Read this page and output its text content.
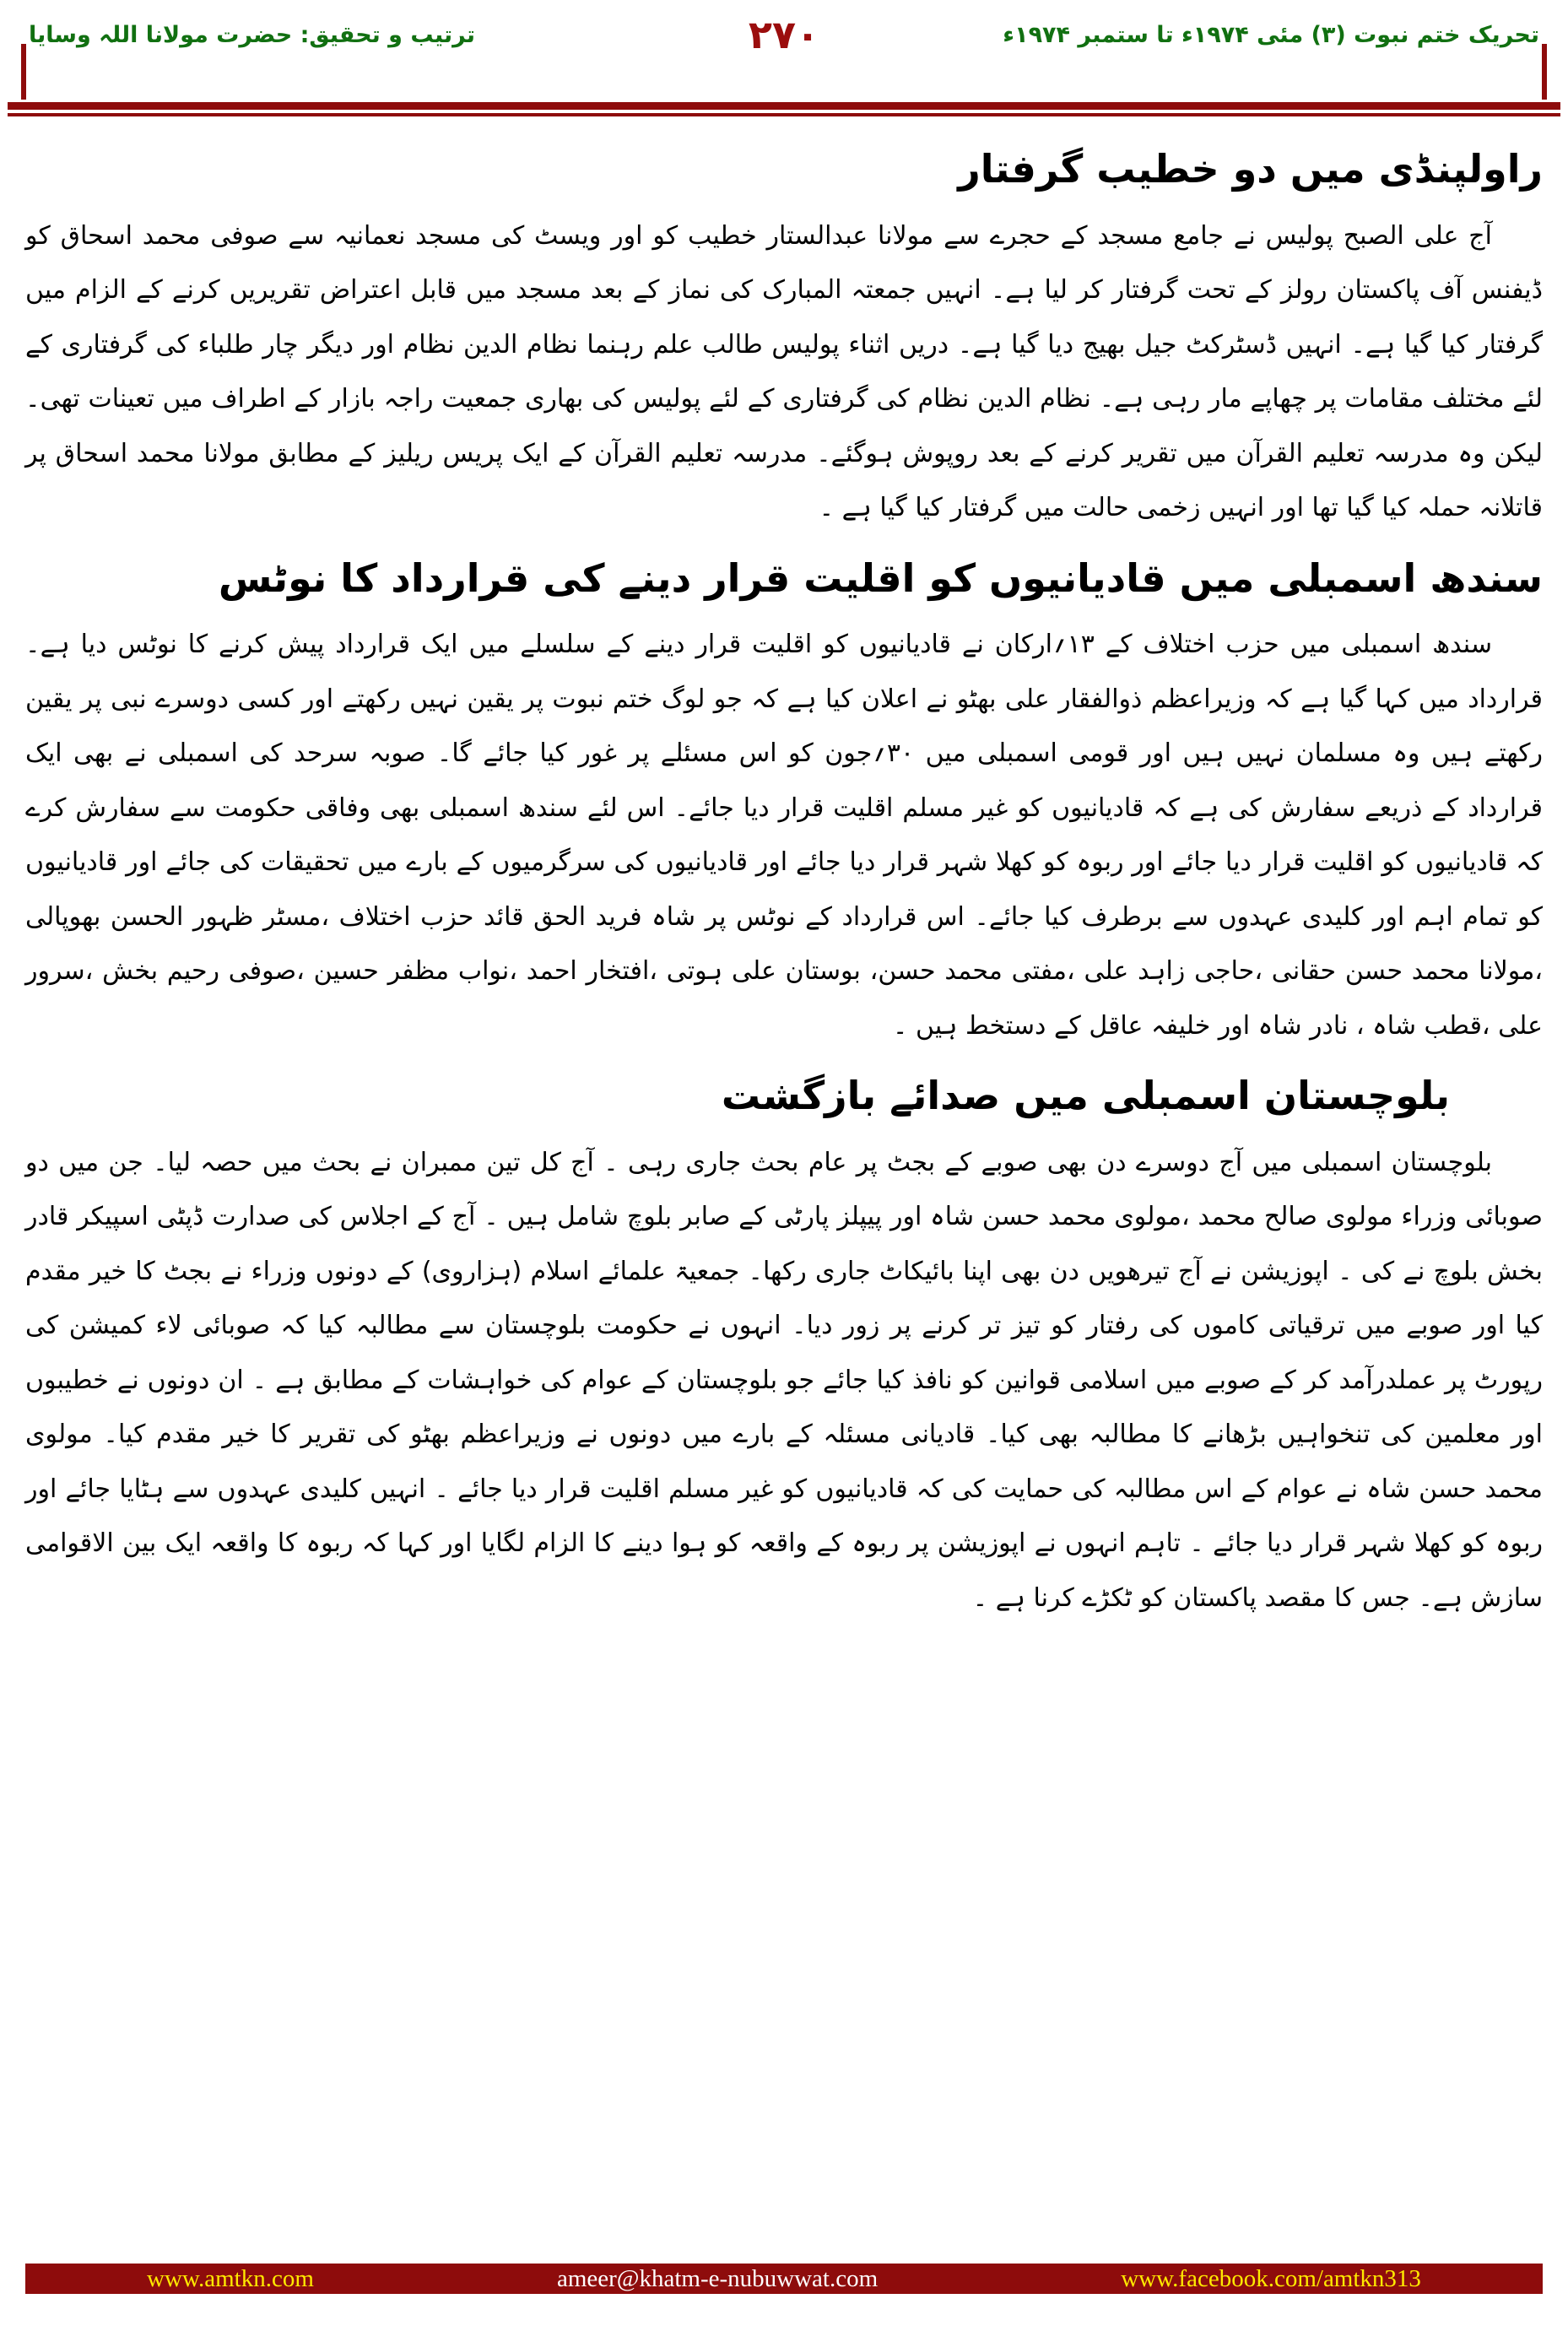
تحریک ختم نبوت (۳) مئی ۱۹۷۴ء تا ستمبر ۱۹۷۴ء
۲۷۰
ترتیب و تحقیق: حضرت مولانا اللہ وسایا
راولپنڈی میں دو خطیب گرفتار

آج علی الصبح پولیس نے جامع مسجد کے حجرے سے مولانا عبدالستار خطیب کو اور ویسٹ کی مسجد نعمانیہ سے صوفی محمد اسحاق کو ڈیفنس آف پاکستان رولز کے تحت گرفتار کر لیا ہے۔ انہیں جمعتہ المبارک کی نماز کے بعد مسجد میں قابل اعتراض تقریریں کرنے کے الزام میں گرفتار کیا گیا ہے۔ انہیں ڈسٹرکٹ جیل بھیج دیا گیا ہے۔ دریں اثناء پولیس طالب علم رہنما نظام الدین نظام اور دیگر چار طلباء کی گرفتاری کے لئے مختلف مقامات پر چھاپے مار رہی ہے۔ نظام الدین نظام کی گرفتاری کے لئے پولیس کی بھاری جمعیت راجہ بازار کے اطراف میں تعینات تھی۔ لیکن وہ مدرسہ تعلیم القرآن میں تقریر کرنے کے بعد روپوش ہوگئے۔ مدرسہ تعلیم القرآن کے ایک پریس ریلیز کے مطابق مولانا محمد اسحاق پر قاتلانہ حملہ کیا گیا تھا اور انہیں زخمی حالت میں گرفتار کیا گیا ہے ۔

سندھ اسمبلی میں قادیانیوں کو اقلیت قرار دینے کی قرارداد کا نوٹس

سندھ اسمبلی میں حزب اختلاف کے ۱۳؍ارکان نے قادیانیوں کو اقلیت قرار دینے کے سلسلے میں ایک قرارداد پیش کرنے کا نوٹس دیا ہے۔ قرارداد میں کہا گیا ہے کہ وزیراعظم ذوالفقار علی بھٹو نے اعلان کیا ہے کہ جو لوگ ختم نبوت پر یقین نہیں رکھتے اور کسی دوسرے نبی پر یقین رکھتے ہیں وہ مسلمان نہیں ہیں اور قومی اسمبلی میں ۳۰؍جون کو اس مسئلے پر غور کیا جائے گا۔ صوبہ سرحد کی اسمبلی نے بھی ایک قرارداد کے ذریعے سفارش کی ہے کہ قادیانیوں کو غیر مسلم اقلیت قرار دیا جائے۔ اس لئے سندھ اسمبلی بھی وفاقی حکومت سے سفارش کرے کہ قادیانیوں کو اقلیت قرار دیا جائے اور ربوہ کو کھلا شہر قرار دیا جائے اور قادیانیوں کی سرگرمیوں کے بارے میں تحقیقات کی جائے اور قادیانیوں کو تمام اہم اور کلیدی عہدوں سے برطرف کیا جائے۔ اس قرارداد کے نوٹس پر شاہ فرید الحق قائد حزب اختلاف ،مسٹر ظہور الحسن بھوپالی ،مولانا محمد حسن حقانی ،حاجی زاہد علی ،مفتی محمد حسن، بوستان علی ہوتی ،افتخار احمد ،نواب مظفر حسین ،صوفی رحیم بخش ،سرور علی ،قطب شاہ ، نادر شاہ اور خلیفہ عاقل کے دستخط ہیں ۔

بلوچستان اسمبلی میں صدائے بازگشت

بلوچستان اسمبلی میں آج دوسرے دن بھی صوبے کے بجٹ پر عام بحث جاری رہی ۔ آج کل تین ممبران نے بحث میں حصہ لیا۔ جن میں دو صوبائی وزراء مولوی صالح محمد ،مولوی محمد حسن شاہ اور پیپلز پارٹی کے صابر بلوچ شامل ہیں ۔ آج کے اجلاس کی صدارت ڈپٹی اسپیکر قادر بخش بلوچ نے کی ۔ اپوزیشن نے آج تیرھویں دن بھی اپنا بائیکاٹ جاری رکھا۔ جمعیۃ علمائے اسلام (ہزاروی) کے دونوں وزراء نے بجٹ کا خیر مقدم کیا اور صوبے میں ترقیاتی کاموں کی رفتار کو تیز تر کرنے پر زور دیا۔ انہوں نے حکومت بلوچستان سے مطالبہ کیا کہ صوبائی لاء کمیشن کی رپورٹ پر عملدرآمد کر کے صوبے میں اسلامی قوانین کو نافذ کیا جائے جو بلوچستان کے عوام کی خواہشات کے مطابق ہے ۔ ان دونوں نے خطیبوں اور معلمین کی تنخواہیں بڑھانے کا مطالبہ بھی کیا۔ قادیانی مسئلہ کے بارے میں دونوں نے وزیراعظم بھٹو کی تقریر کا خیر مقدم کیا۔ مولوی محمد حسن شاہ نے عوام کے اس مطالبہ کی حمایت کی کہ قادیانیوں کو غیر مسلم اقلیت قرار دیا جائے ۔ انہیں کلیدی عہدوں سے ہٹایا جائے اور ربوہ کو کھلا شہر قرار دیا جائے ۔ تاہم انہوں نے اپوزیشن پر ربوہ کے واقعہ کو ہوا دینے کا الزام لگایا اور کہا کہ ربوہ کا واقعہ ایک بین الاقوامی سازش ہے۔ جس کا مقصد پاکستان کو ٹکڑے کرنا ہے ۔

www.amtkn.com	ameer@khatm-e-nubuwwat.com	www.facebook.com/amtkn313
